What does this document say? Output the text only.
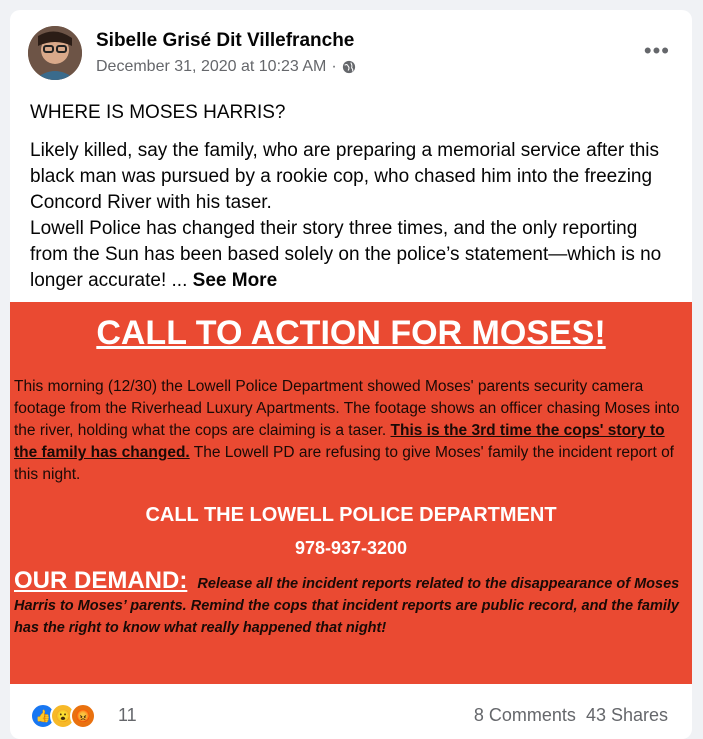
Sibelle Grisé Dit Villefranche
December 31, 2020 at 10:23 AM ·
•••
WHERE IS MOSES HARRIS?
Likely killed, say the family, who are preparing a memorial service after this black man was pursued by a rookie cop, who chased him into the freezing Concord River with his taser.
Lowell Police has changed their story three times, and the only reporting from the Sun has been based solely on the police’s statement—which is no longer accurate! ... See More
CALL TO ACTION FOR MOSES!
This morning (12/30) the Lowell Police Department showed Moses' parents security camera footage from the Riverhead Luxury Apartments. The footage shows an officer chasing Moses into the river, holding what the cops are claiming is a taser. This is the 3rd time the cops' story to the family has changed. The Lowell PD are refusing to give Moses' family the incident report of this night.
CALL THE LOWELL POLICE DEPARTMENT
978-937-3200
OUR DEMAND: Release all the incident reports related to the disappearance of Moses Harris to Moses’ parents. Remind the cops that incident reports are public record, and the family has the right to know what really happened that night!
👍 😮 😡	11	8 Comments 43 Shares
